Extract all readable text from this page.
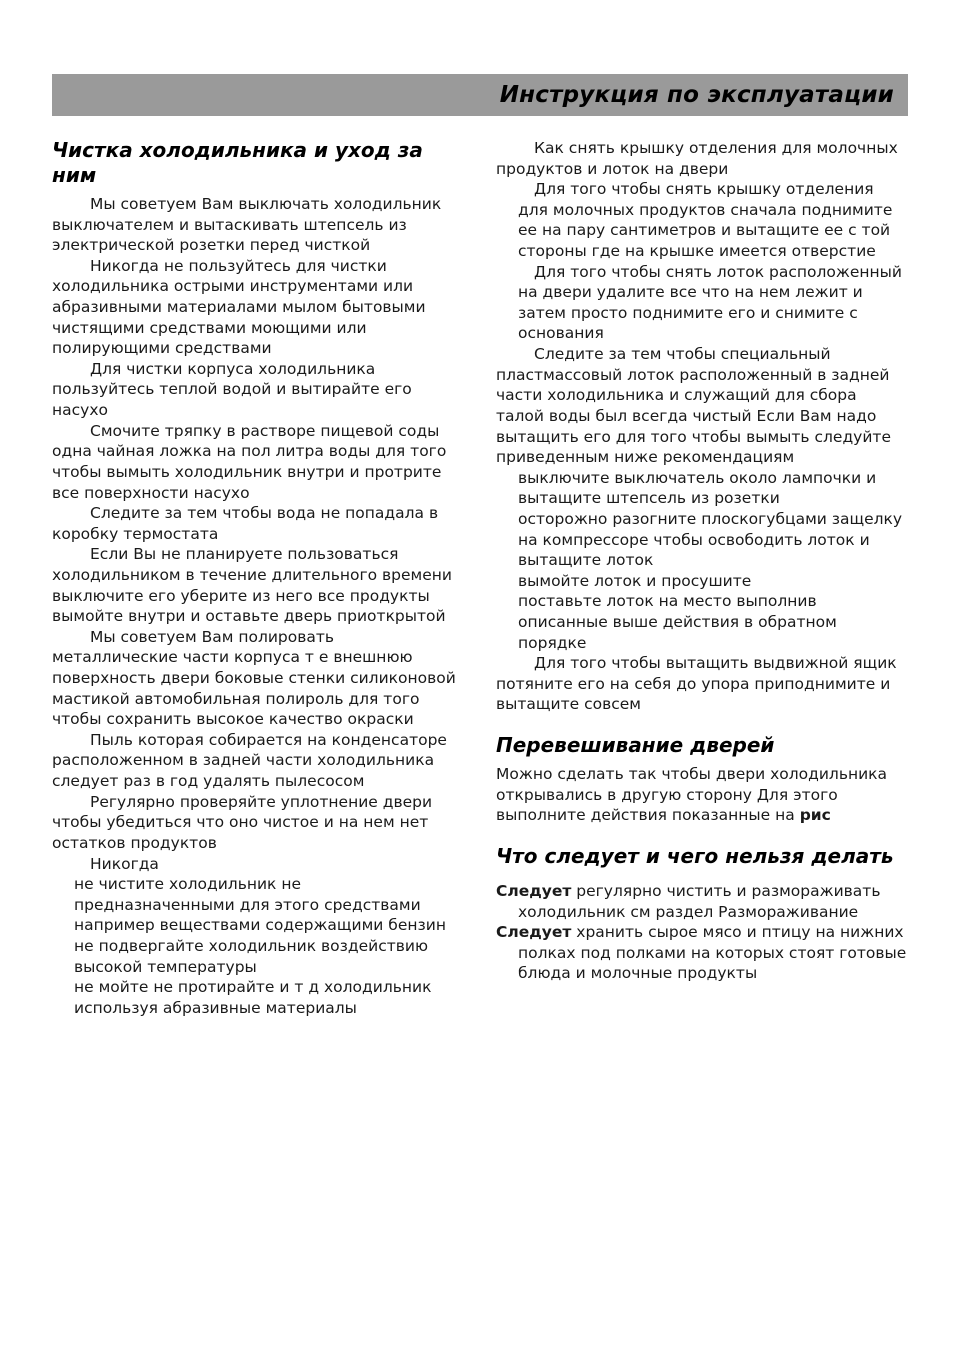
Инструкция по эксплуатации
Чистка холодильника и уход за ним

Мы советуем Вам выключать холодильник выключателем и вытаскивать штепсель из электрической розетки перед чисткой

Никогда не пользуйтесь для чистки холодильника острыми инструментами или абразивными материалами мылом бытовыми чистящими средствами моющими или полирующими средствами

Для чистки корпуса холодильника пользуйтесь теплой водой и вытирайте его насухо

Смочите тряпку в растворе пищевой соды одна чайная ложка на пол литра воды для того чтобы вымыть холодильник внутри и протрите все поверхности насухо

Следите за тем чтобы вода не попадала в коробку термостата

Если Вы не планируете пользоваться холодильником в течение длительного времени выключите его уберите из него все продукты вымойте внутри и оставьте дверь приоткрытой

Мы советуем Вам полировать металлические части корпуса т е внешнюю поверхность двери боковые стенки силиконовой мастикой автомобильная полироль для того чтобы сохранить высокое качество окраски

Пыль которая собирается на конденсаторе расположенном в задней части холодильника следует раз в год удалять пылесосом

Регулярно проверяйте уплотнение двери чтобы убедиться что оно чистое и на нем нет остатков продуктов

Никогда

не чистите холодильник не предназначенными для этого средствами например веществами содержащими бензин

не подвергайте холодильник воздействию высокой температуры

не мойте не протирайте и т д холодильник используя абразивные материалы

Как снять крышку отделения для молочных продуктов и лоток на двери

Для того чтобы снять крышку отделения для молочных продуктов сначала поднимите ее на пару сантиметров и вытащите ее с той стороны где на крышке имеется отверстие

Для того чтобы снять лоток расположенный на двери удалите все что на нем лежит и затем просто поднимите его и снимите с основания

Следите за тем чтобы специальный пластмассовый лоток расположенный в задней части холодильника и служащий для сбора талой воды был всегда чистый Если Вам надо вытащить его для того чтобы вымыть следуйте приведенным ниже рекомендациям

выключите выключатель около лампочки и вытащите штепсель из розетки

осторожно разогните плоскогубцами защелку на компрессоре чтобы освободить лоток и

вытащите лоток

вымойте лоток и просушите

поставьте лоток на место выполнив описанные выше действия в обратном порядке

Для того чтобы вытащить выдвижной ящик потяните его на себя до упора приподнимите и вытащите совсем

Перевешивание дверей

Можно сделать так чтобы двери холодильника открывались в другую сторону Для этого выполните действия показанные на рис

Что следует и чего нельзя делать

Следует регулярно чистить и размораживать холодильник см раздел Размораживание

Следует хранить сырое мясо и птицу на нижних полках под полками на которых стоят готовые блюда и молочные продукты
